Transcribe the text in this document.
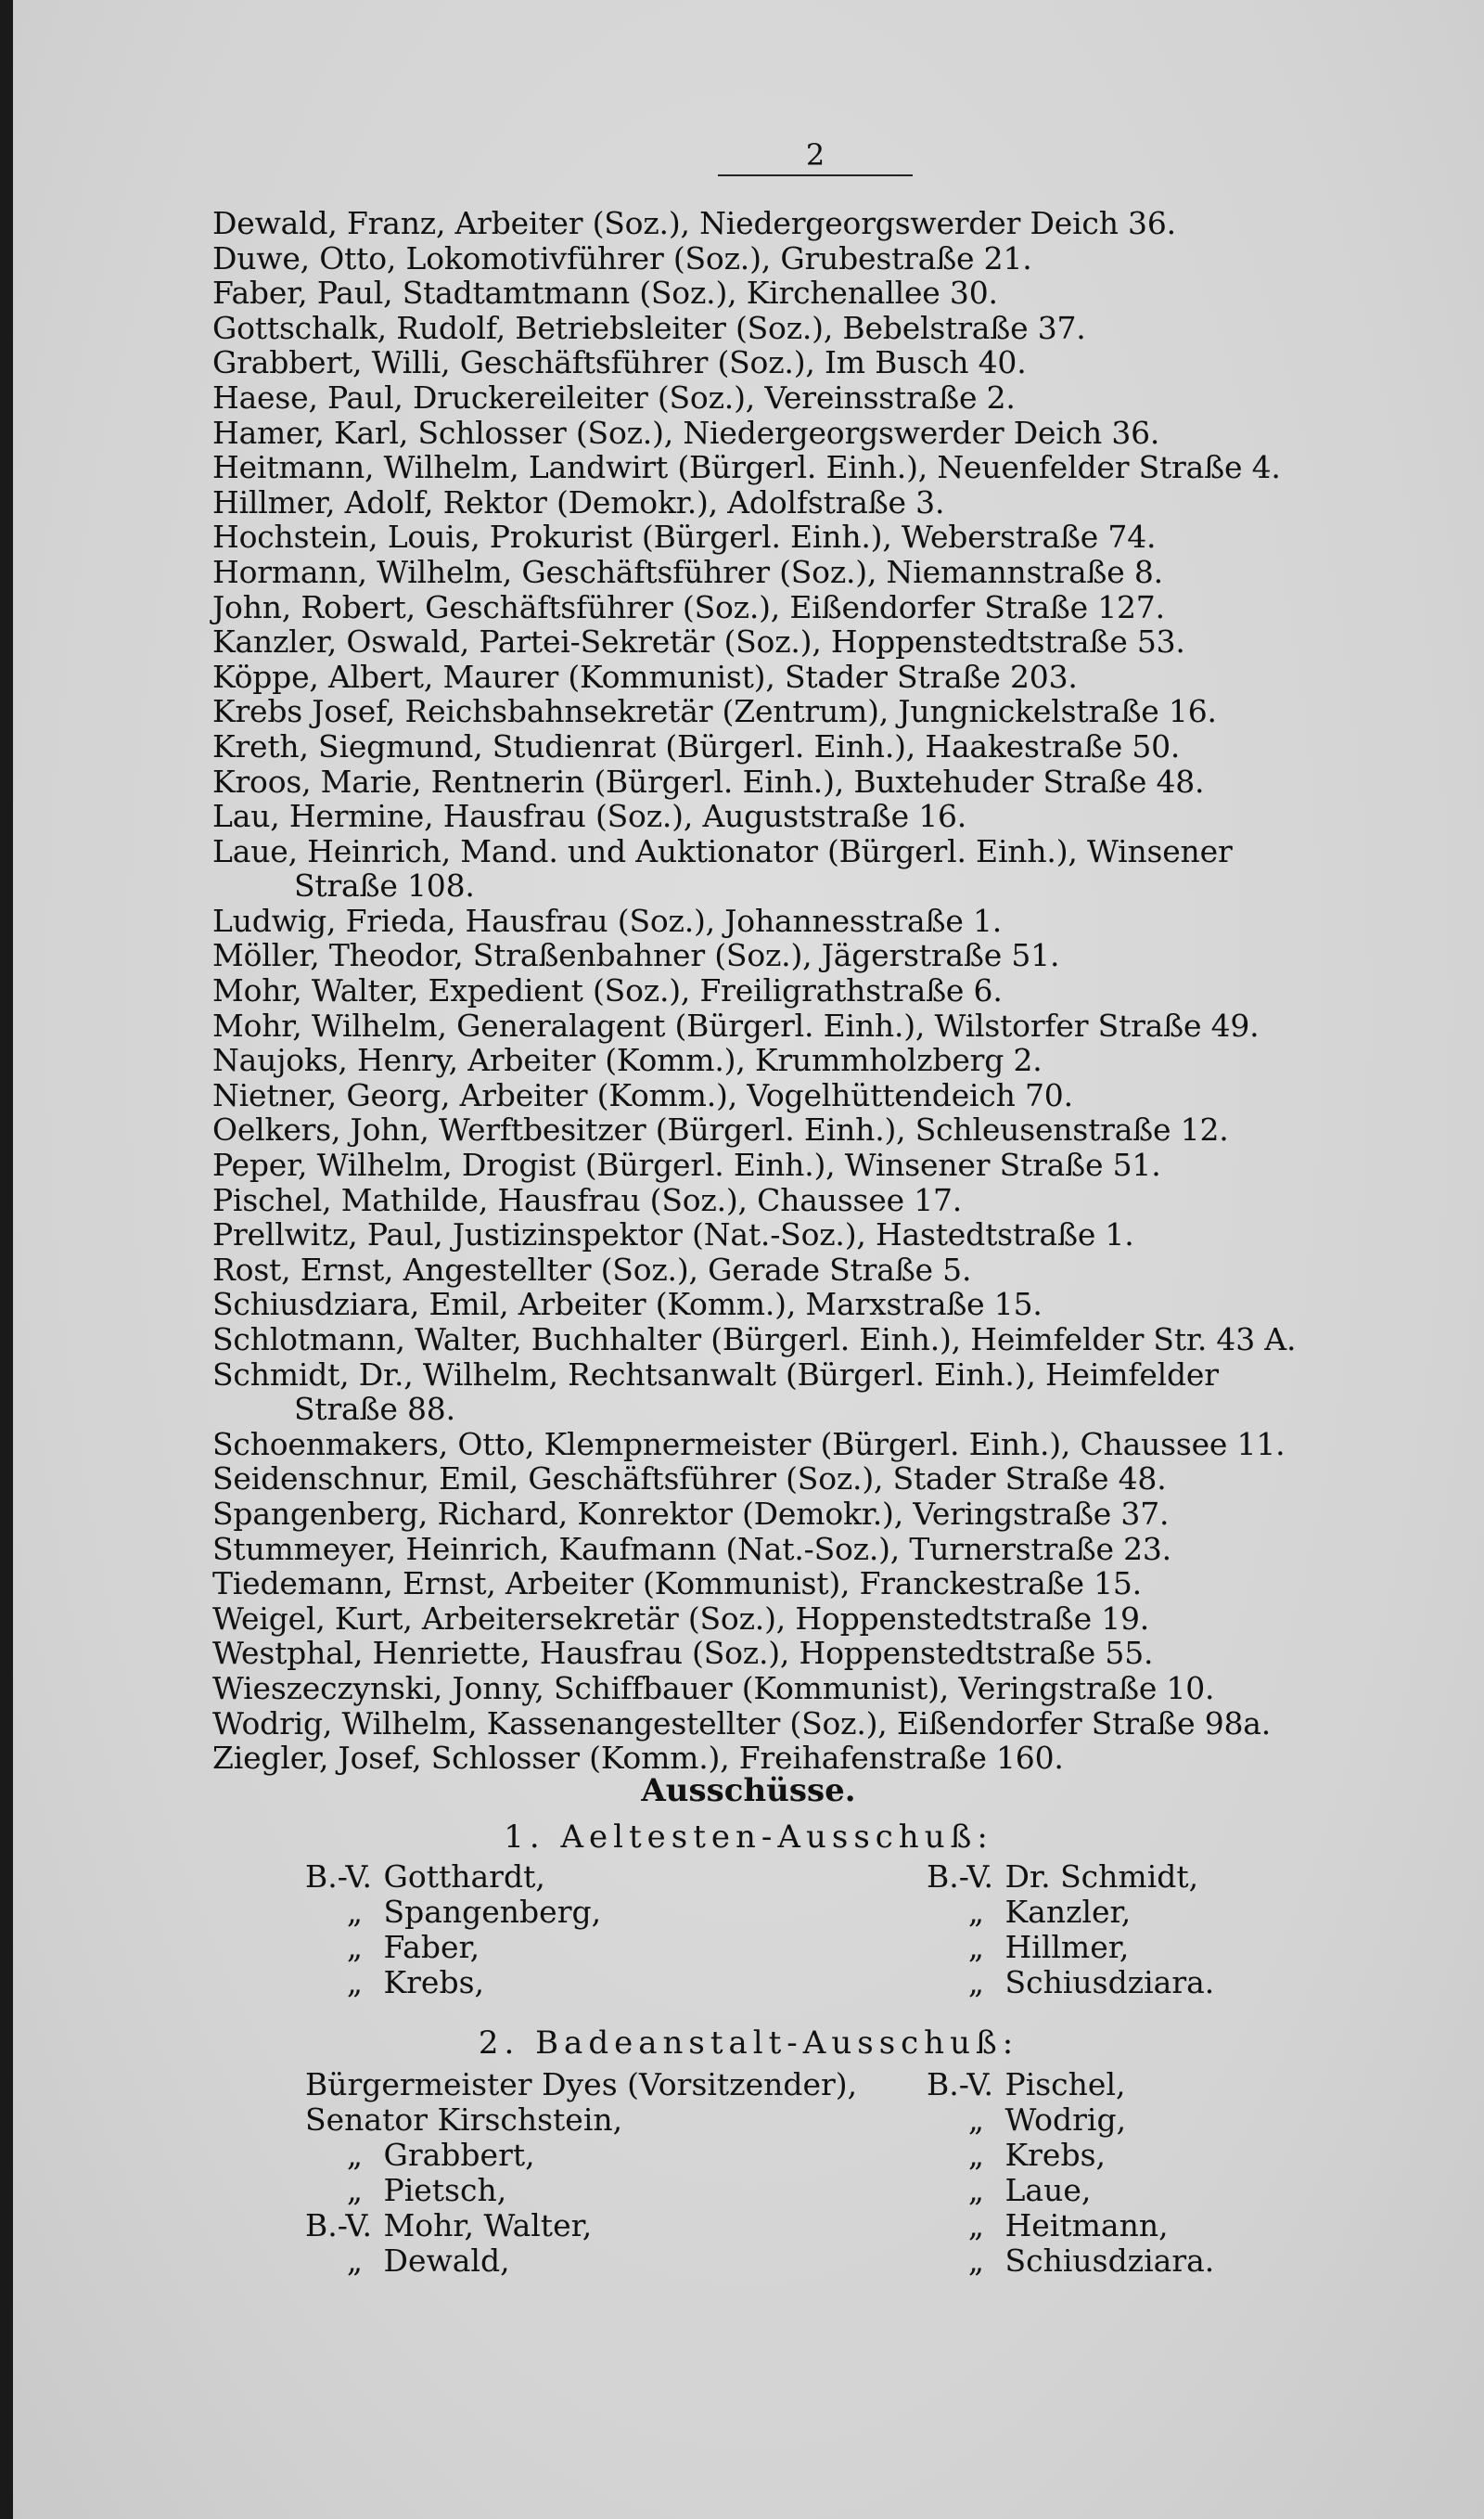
2
Dewald, Franz, Arbeiter (Soz.), Niedergeorgswerder Deich 36.
Duwe, Otto, Lokomotivführer (Soz.), Grubestraße 21.
Faber, Paul, Stadtamtmann (Soz.), Kirchenallee 30.
Gottschalk, Rudolf, Betriebsleiter (Soz.), Bebelstraße 37.
Grabbert, Willi, Geschäftsführer (Soz.), Im Busch 40.
Haese, Paul, Druckereileiter (Soz.), Vereinsstraße 2.
Hamer, Karl, Schlosser (Soz.), Niedergeorgswerder Deich 36.
Heitmann, Wilhelm, Landwirt (Bürgerl. Einh.), Neuenfelder Straße 4.
Hillmer, Adolf, Rektor (Demokr.), Adolfstraße 3.
Hochstein, Louis, Prokurist (Bürgerl. Einh.), Weberstraße 74.
Hormann, Wilhelm, Geschäftsführer (Soz.), Niemannstraße 8.
John, Robert, Geschäftsführer (Soz.), Eißendorfer Straße 127.
Kanzler, Oswald, Partei-Sekretär (Soz.), Hoppenstedtstraße 53.
Köppe, Albert, Maurer (Kommunist), Stader Straße 203.
Krebs Josef, Reichsbahnsekretär (Zentrum), Jungnickelstraße 16.
Kreth, Siegmund, Studienrat (Bürgerl. Einh.), Haakestraße 50.
Kroos, Marie, Rentnerin (Bürgerl. Einh.), Buxtehuder Straße 48.
Lau, Hermine, Hausfrau (Soz.), Auguststraße 16.
Laue, Heinrich, Mand. und Auktionator (Bürgerl. Einh.), Winsener
Straße 108.
Ludwig, Frieda, Hausfrau (Soz.), Johannesstraße 1.
Möller, Theodor, Straßenbahner (Soz.), Jägerstraße 51.
Mohr, Walter, Expedient (Soz.), Freiligrathstraße 6.
Mohr, Wilhelm, Generalagent (Bürgerl. Einh.), Wilstorfer Straße 49.
Naujoks, Henry, Arbeiter (Komm.), Krummholzberg 2.
Nietner, Georg, Arbeiter (Komm.), Vogelhüttendeich 70.
Oelkers, John, Werftbesitzer (Bürgerl. Einh.), Schleusenstraße 12.
Peper, Wilhelm, Drogist (Bürgerl. Einh.), Winsener Straße 51.
Pischel, Mathilde, Hausfrau (Soz.), Chaussee 17.
Prellwitz, Paul, Justizinspektor (Nat.-Soz.), Hastedtstraße 1.
Rost, Ernst, Angestellter (Soz.), Gerade Straße 5.
Schiusdziara, Emil, Arbeiter (Komm.), Marxstraße 15.
Schlotmann, Walter, Buchhalter (Bürgerl. Einh.), Heimfelder Str. 43 A.
Schmidt, Dr., Wilhelm, Rechtsanwalt (Bürgerl. Einh.), Heimfelder
Straße 88.
Schoenmakers, Otto, Klempnermeister (Bürgerl. Einh.), Chaussee 11.
Seidenschnur, Emil, Geschäftsführer (Soz.), Stader Straße 48.
Spangenberg, Richard, Konrektor (Demokr.), Veringstraße 37.
Stummeyer, Heinrich, Kaufmann (Nat.-Soz.), Turnerstraße 23.
Tiedemann, Ernst, Arbeiter (Kommunist), Franckestraße 15.
Weigel, Kurt, Arbeitersekretär (Soz.), Hoppenstedtstraße 19.
Westphal, Henriette, Hausfrau (Soz.), Hoppenstedtstraße 55.
Wieszeczynski, Jonny, Schiffbauer (Kommunist), Veringstraße 10.
Wodrig, Wilhelm, Kassenangestellter (Soz.), Eißendorfer Straße 98a.
Ziegler, Josef, Schlosser (Komm.), Freihafenstraße 160.
Ausschüsse.
1. Aeltesten-Ausschuß:
B.-V. Gotthardt,
„ Spangenberg,
„ Faber,
„ Krebs,
B.-V. Dr. Schmidt,
„ Kanzler,
„ Hillmer,
„ Schiusdziara.
2. Badeanstalt-Ausschuß:
Bürgermeister Dyes (Vorsitzender),
Senator Kirschstein,
„ Grabbert,
„ Pietsch,
B.-V. Mohr, Walter,
„ Dewald,
B.-V. Pischel,
„ Wodrig,
„ Krebs,
„ Laue,
„ Heitmann,
„ Schiusdziara.
